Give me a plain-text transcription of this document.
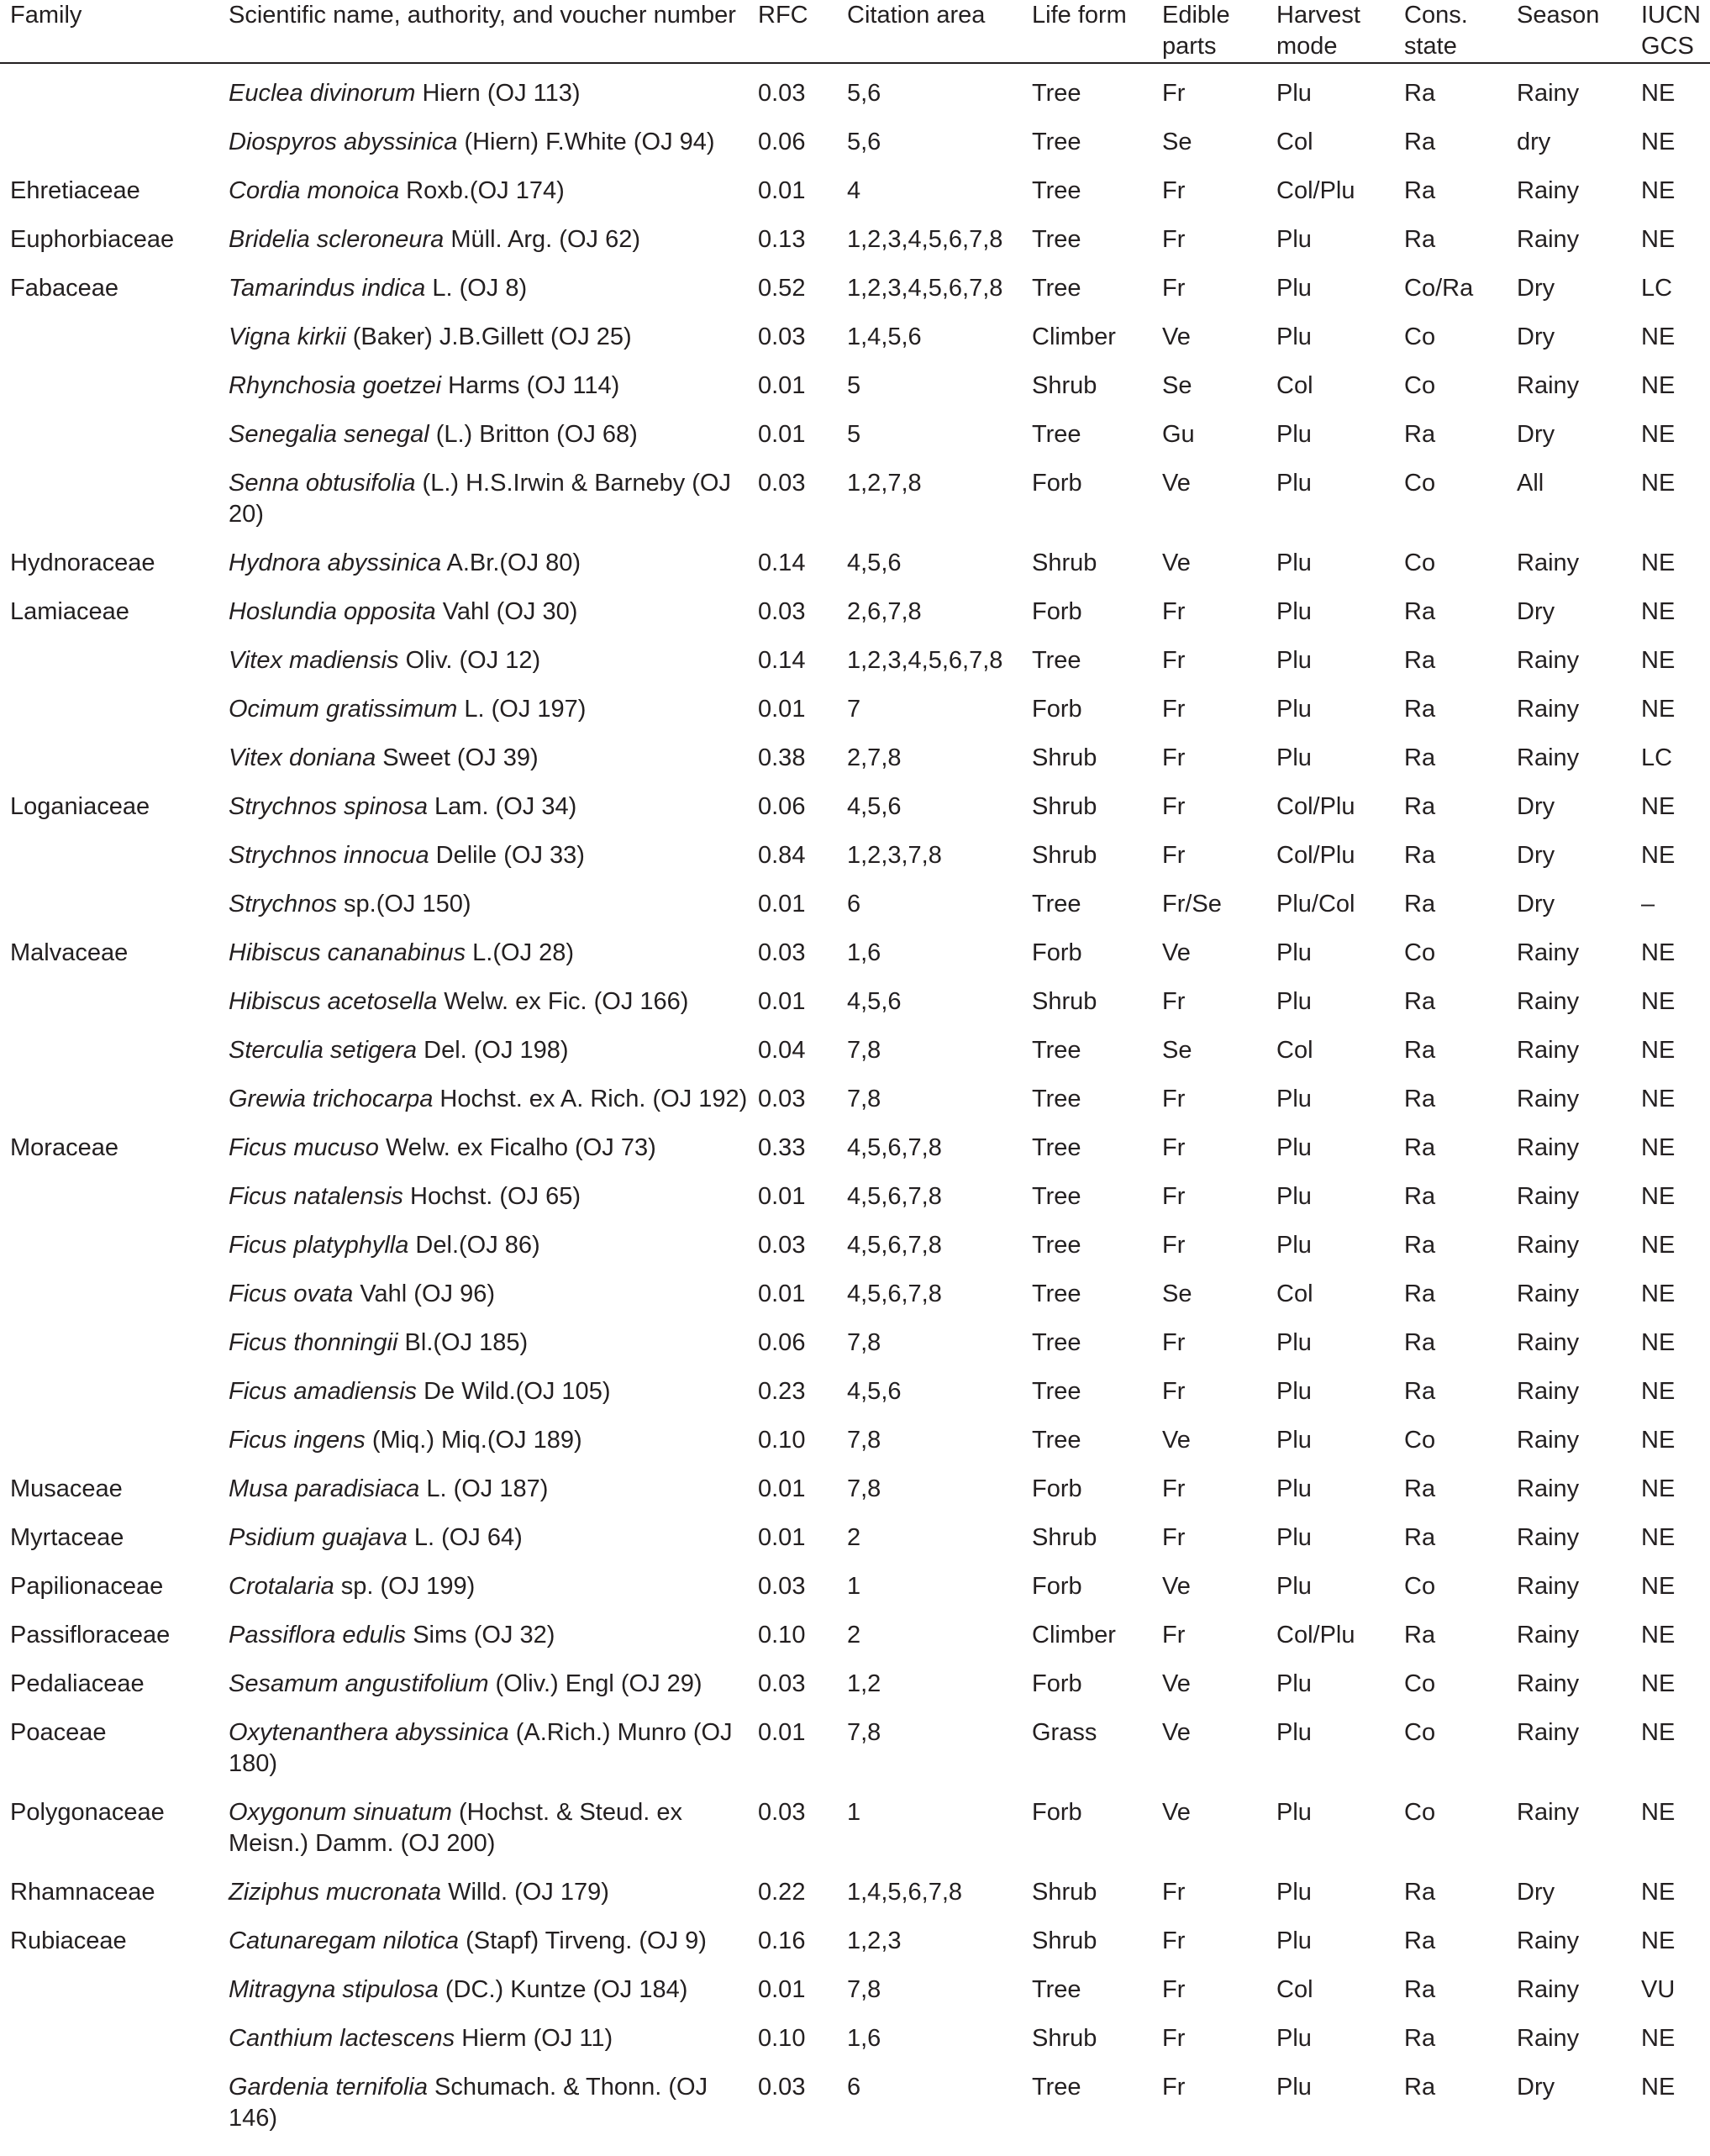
Family	Scientific name, authority, and voucher number	RFC	Citation area	Life form	Edible parts	Harvest mode	Cons. state	Season	IUCN GCS
	Euclea divinorum Hiern (OJ 113)	0.03	5,6	Tree	Fr	Plu	Ra	Rainy	NE
	Diospyros abyssinica (Hiern) F.White (OJ 94)	0.06	5,6	Tree	Se	Col	Ra	dry	NE
Ehretiaceae	Cordia monoica Roxb.(OJ 174)	0.01	4	Tree	Fr	Col/Plu	Ra	Rainy	NE
Euphorbiaceae	Bridelia scleroneura Müll. Arg. (OJ 62)	0.13	1,2,3,4,5,6,7,8	Tree	Fr	Plu	Ra	Rainy	NE
Fabaceae	Tamarindus indica L. (OJ 8)	0.52	1,2,3,4,5,6,7,8	Tree	Fr	Plu	Co/Ra	Dry	LC
	Vigna kirkii (Baker) J.B.Gillett (OJ 25)	0.03	1,4,5,6	Climber	Ve	Plu	Co	Dry	NE
	Rhynchosia goetzei Harms (OJ 114)	0.01	5	Shrub	Se	Col	Co	Rainy	NE
	Senegalia senegal (L.) Britton (OJ 68)	0.01	5	Tree	Gu	Plu	Ra	Dry	NE
	Senna obtusifolia (L.) H.S.Irwin & Barneby (OJ 20)	0.03	1,2,7,8	Forb	Ve	Plu	Co	All	NE
Hydnoraceae	Hydnora abyssinica A.Br.(OJ 80)	0.14	4,5,6	Shrub	Ve	Plu	Co	Rainy	NE
Lamiaceae	Hoslundia opposita Vahl (OJ 30)	0.03	2,6,7,8	Forb	Fr	Plu	Ra	Dry	NE
	Vitex madiensis Oliv. (OJ 12)	0.14	1,2,3,4,5,6,7,8	Tree	Fr	Plu	Ra	Rainy	NE
	Ocimum gratissimum L. (OJ 197)	0.01	7	Forb	Fr	Plu	Ra	Rainy	NE
	Vitex doniana Sweet (OJ 39)	0.38	2,7,8	Shrub	Fr	Plu	Ra	Rainy	LC
Loganiaceae	Strychnos spinosa Lam. (OJ 34)	0.06	4,5,6	Shrub	Fr	Col/Plu	Ra	Dry	NE
	Strychnos innocua Delile (OJ 33)	0.84	1,2,3,7,8	Shrub	Fr	Col/Plu	Ra	Dry	NE
	Strychnos sp.(OJ 150)	0.01	6	Tree	Fr/Se	Plu/Col	Ra	Dry	–
Malvaceae	Hibiscus cananabinus L.(OJ 28)	0.03	1,6	Forb	Ve	Plu	Co	Rainy	NE
	Hibiscus acetosella Welw. ex Fic. (OJ 166)	0.01	4,5,6	Shrub	Fr	Plu	Ra	Rainy	NE
	Sterculia setigera Del. (OJ 198)	0.04	7,8	Tree	Se	Col	Ra	Rainy	NE
	Grewia trichocarpa Hochst. ex A. Rich. (OJ 192)	0.03	7,8	Tree	Fr	Plu	Ra	Rainy	NE
Moraceae	Ficus mucuso Welw. ex Ficalho (OJ 73)	0.33	4,5,6,7,8	Tree	Fr	Plu	Ra	Rainy	NE
	Ficus natalensis Hochst. (OJ 65)	0.01	4,5,6,7,8	Tree	Fr	Plu	Ra	Rainy	NE
	Ficus platyphylla Del.(OJ 86)	0.03	4,5,6,7,8	Tree	Fr	Plu	Ra	Rainy	NE
	Ficus ovata Vahl (OJ 96)	0.01	4,5,6,7,8	Tree	Se	Col	Ra	Rainy	NE
	Ficus thonningii Bl.(OJ 185)	0.06	7,8	Tree	Fr	Plu	Ra	Rainy	NE
	Ficus amadiensis De Wild.(OJ 105)	0.23	4,5,6	Tree	Fr	Plu	Ra	Rainy	NE
	Ficus ingens (Miq.) Miq.(OJ 189)	0.10	7,8	Tree	Ve	Plu	Co	Rainy	NE
Musaceae	Musa paradisiaca L. (OJ 187)	0.01	7,8	Forb	Fr	Plu	Ra	Rainy	NE
Myrtaceae	Psidium guajava L. (OJ 64)	0.01	2	Shrub	Fr	Plu	Ra	Rainy	NE
Papilionaceae	Crotalaria sp. (OJ 199)	0.03	1	Forb	Ve	Plu	Co	Rainy	NE
Passifloraceae	Passiflora edulis Sims (OJ 32)	0.10	2	Climber	Fr	Col/Plu	Ra	Rainy	NE
Pedaliaceae	Sesamum angustifolium (Oliv.) Engl (OJ 29)	0.03	1,2	Forb	Ve	Plu	Co	Rainy	NE
Poaceae	Oxytenanthera abyssinica (A.Rich.) Munro (OJ 180)	0.01	7,8	Grass	Ve	Plu	Co	Rainy	NE
Polygonaceae	Oxygonum sinuatum (Hochst. & Steud. ex Meisn.) Damm. (OJ 200)	0.03	1	Forb	Ve	Plu	Co	Rainy	NE
Rhamnaceae	Ziziphus mucronata Willd. (OJ 179)	0.22	1,4,5,6,7,8	Shrub	Fr	Plu	Ra	Dry	NE
Rubiaceae	Catunaregam nilotica (Stapf) Tirveng. (OJ 9)	0.16	1,2,3	Shrub	Fr	Plu	Ra	Rainy	NE
	Mitragyna stipulosa (DC.) Kuntze (OJ 184)	0.01	7,8	Tree	Fr	Col	Ra	Rainy	VU
	Canthium lactescens Hierm (OJ 11)	0.10	1,6	Shrub	Fr	Plu	Ra	Rainy	NE
	Gardenia ternifolia Schumach. & Thonn. (OJ 146)	0.03	6	Tree	Fr	Plu	Ra	Dry	NE
